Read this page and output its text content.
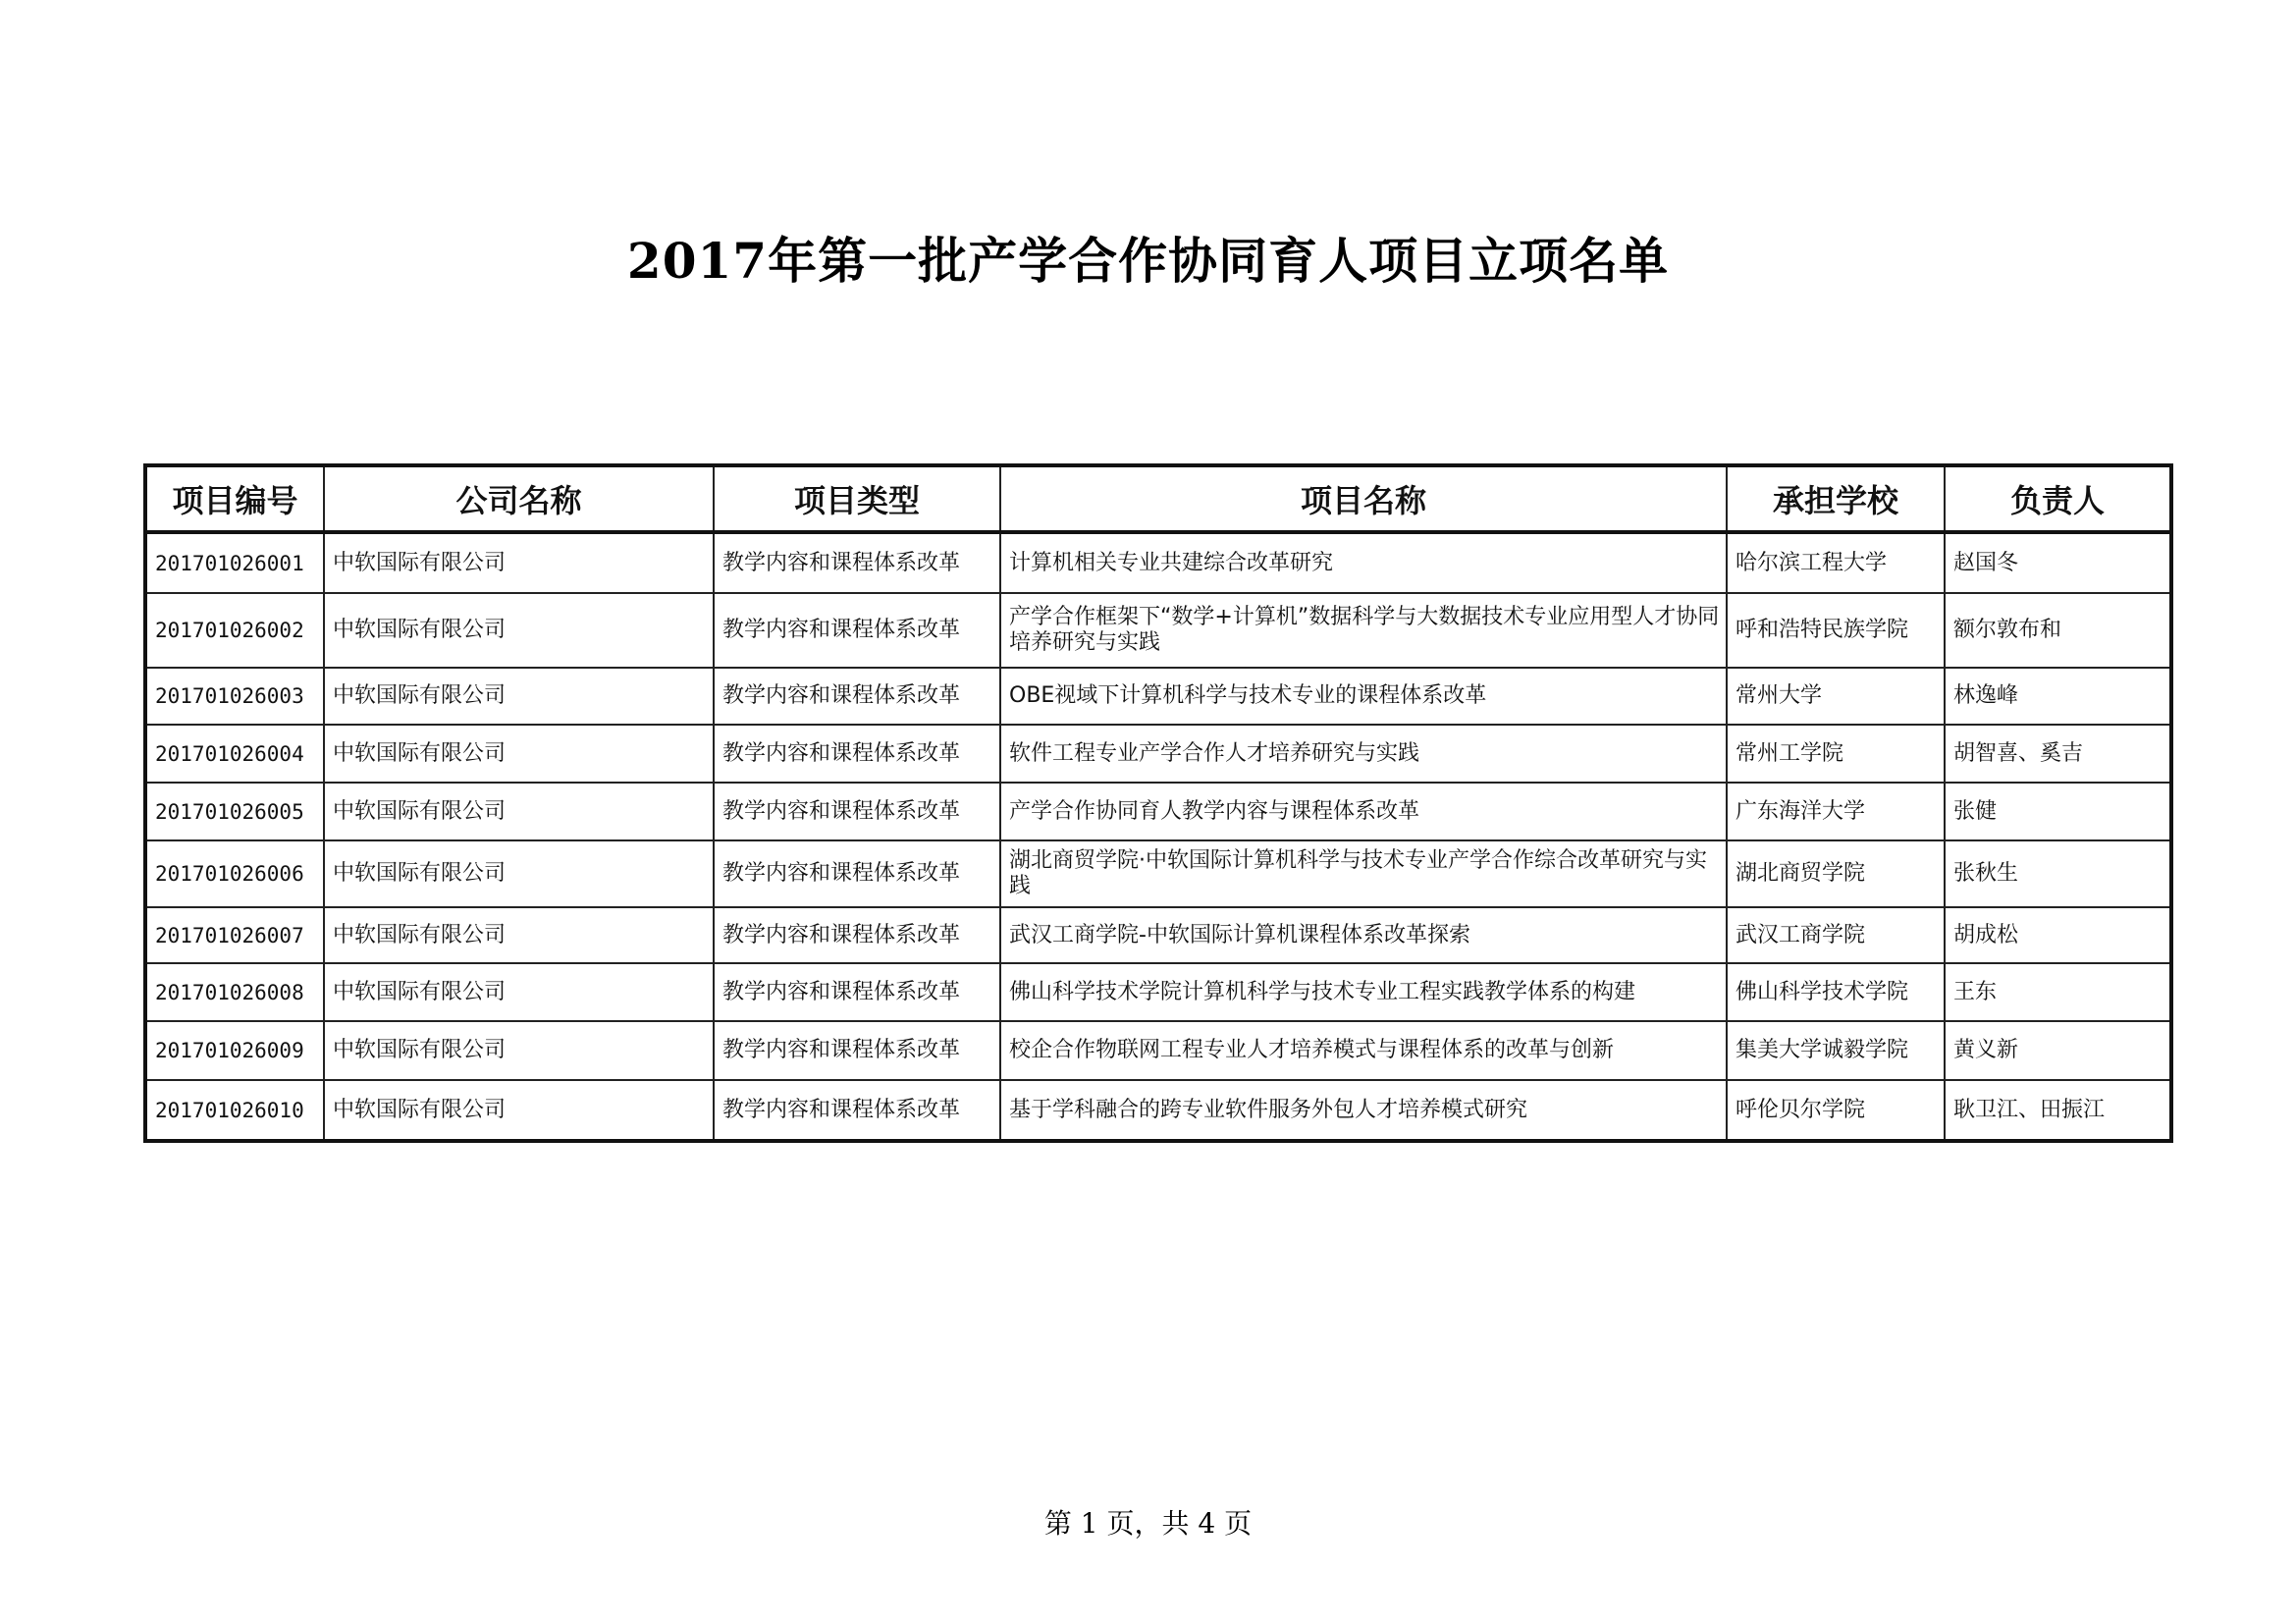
2017年第一批产学合作协同育人项目立项名单
项目编号	公司名称	项目类型	项目名称	承担学校	负责人
201701026001	中软国际有限公司	教学内容和课程体系改革	计算机相关专业共建综合改革研究	哈尔滨工程大学	赵国冬
201701026002	中软国际有限公司	教学内容和课程体系改革	产学合作框架下“数学+计算机”数据科学与大数据技术专业应用型人才协同培养研究与实践	呼和浩特民族学院	额尔敦布和
201701026003	中软国际有限公司	教学内容和课程体系改革	OBE视域下计算机科学与技术专业的课程体系改革	常州大学	林逸峰
201701026004	中软国际有限公司	教学内容和课程体系改革	软件工程专业产学合作人才培养研究与实践	常州工学院	胡智喜、奚吉
201701026005	中软国际有限公司	教学内容和课程体系改革	产学合作协同育人教学内容与课程体系改革	广东海洋大学	张健
201701026006	中软国际有限公司	教学内容和课程体系改革	湖北商贸学院·中软国际计算机科学与技术专业产学合作综合改革研究与实践	湖北商贸学院	张秋生
201701026007	中软国际有限公司	教学内容和课程体系改革	武汉工商学院-中软国际计算机课程体系改革探索	武汉工商学院	胡成松
201701026008	中软国际有限公司	教学内容和课程体系改革	佛山科学技术学院计算机科学与技术专业工程实践教学体系的构建	佛山科学技术学院	王东
201701026009	中软国际有限公司	教学内容和课程体系改革	校企合作物联网工程专业人才培养模式与课程体系的改革与创新	集美大学诚毅学院	黄义新
201701026010	中软国际有限公司	教学内容和课程体系改革	基于学科融合的跨专业软件服务外包人才培养模式研究	呼伦贝尔学院	耿卫江、田振江
第 1 页，共 4 页
